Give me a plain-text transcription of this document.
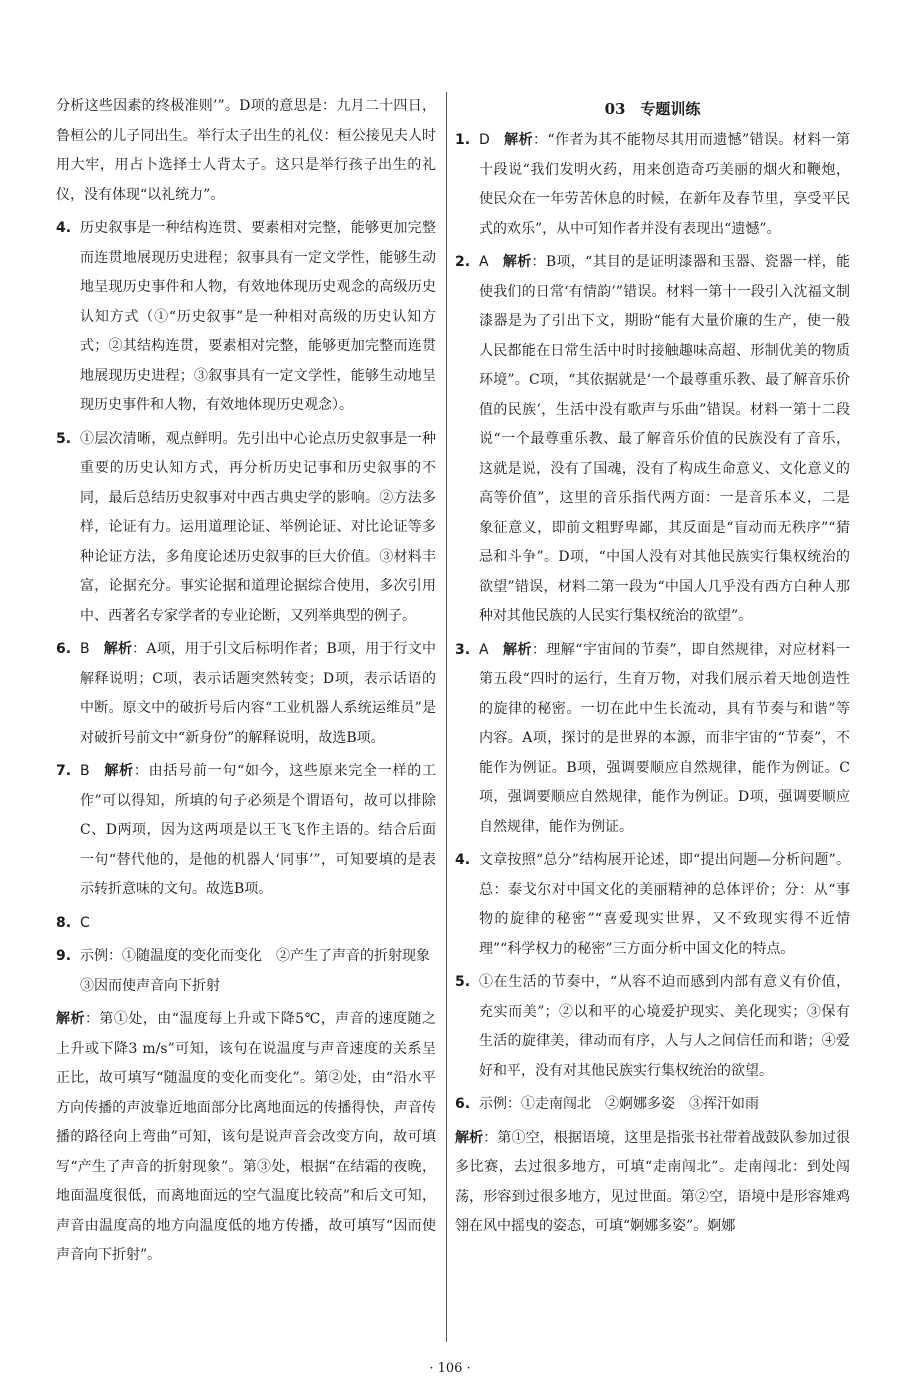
分析这些因素的终极准则’”。D项的意思是：九月二十四日，鲁桓公的儿子同出生。举行太子出生的礼仪：桓公接见夫人时用大牢，用占卜选择士人背太子。这只是举行孩子出生的礼仪，没有体现“以礼统力”。
4. 历史叙事是一种结构连贯、要素相对完整，能够更加完整而连贯地展现历史进程；叙事具有一定文学性，能够生动地呈现历史事件和人物，有效地体现历史观念的高级历史认知方式（①“历史叙事”是一种相对高级的历史认知方式；②其结构连贯，要素相对完整，能够更加完整而连贯地展现历史进程；③叙事具有一定文学性，能够生动地呈现历史事件和人物，有效地体现历史观念）。
5. ①层次清晰，观点鲜明。先引出中心论点历史叙事是一种重要的历史认知方式，再分析历史记事和历史叙事的不同，最后总结历史叙事对中西古典史学的影响。②方法多样，论证有力。运用道理论证、举例论证、对比论证等多种论证方法，多角度论述历史叙事的巨大价值。③材料丰富，论据充分。事实论据和道理论据综合使用，多次引用中、西著名专家学者的专业论断，又列举典型的例子。
6. B 解析：A项，用于引文后标明作者；B项，用于行文中解释说明；C项，表示话题突然转变；D项，表示话语的中断。原文中的破折号后内容“工业机器人系统运维员”是对破折号前文中“新身份”的解释说明，故选B项。
7. B 解析：由括号前一句“如今，这些原来完全一样的工作”可以得知，所填的句子必须是个谓语句，故可以排除C、D两项，因为这两项是以王飞飞作主语的。结合后面一句“替代他的，是他的机器人‘同事’”，可知要填的是表示转折意味的文句。故选B项。
8. C
9. 示例：①随温度的变化而变化　 ②产生了声音的折射现象
③因而使声音向下折射
解析：第①处，由“温度每上升或下降5℃，声音的速度随之上升或下降3 m/s”可知，该句在说温度与声音速度的关系呈正比，故可填写“随温度的变化而变化”。第②处，由“沿水平方向传播的声波靠近地面部分比离地面远的传播得快，声音传播的路径向上弯曲”可知，该句是说声音会改变方向，故可填写“产生了声音的折射现象”。第③处，根据“在结霜的夜晚，地面温度很低，而离地面远的空气温度比较高”和后文可知，声音由温度高的地方向温度低的地方传播，故可填写“因而使声音向下折射”。
03　专题训练
1. D 解析：“作者为其不能物尽其用而遗憾”错误。材料一第十段说“我们发明火药，用来创造奇巧美丽的烟火和鞭炮，使民众在一年劳苦休息的时候，在新年及春节里，享受平民式的欢乐”，从中可知作者并没有表现出“遗憾”。
2. A 解析：B项，“其目的是证明漆器和玉器、瓷器一样，能使我们的日常‘有情韵’”错误。材料一第十一段引入沈福文制漆器是为了引出下文，期盼“能有大量价廉的生产，使一般人民都能在日常生活中时时接触趣味高超、形制优美的物质环境”。C项，“其依据就是‘一个最尊重乐教、最了解音乐价值的民族’，生活中没有歌声与乐曲”错误。材料一第十二段说“一个最尊重乐教、最了解音乐价值的民族没有了音乐，这就是说，没有了国魂，没有了构成生命意义、文化意义的高等价值”，这里的音乐指代两方面：一是音乐本义，二是象征意义，即前文粗野卑鄙，其反面是“盲动而无秩序”“猜忌和斗争”。D项，“中国人没有对其他民族实行集权统治的欲望”错误，材料二第一段为“中国人几乎没有西方白种人那种对其他民族的人民实行集权统治的欲望”。
3. A 解析：理解“宇宙间的节奏”，即自然规律，对应材料一第五段“四时的运行，生育万物，对我们展示着天地创造性的旋律的秘密。一切在此中生长流动，具有节奏与和谐”等内容。A项，探讨的是世界的本源，而非宇宙的“节奏”，不能作为例证。B项，强调要顺应自然规律，能作为例证。C项，强调要顺应自然规律，能作为例证。D项，强调要顺应自然规律，能作为例证。
4. 文章按照“总分”结构展开论述，即“提出问题—分析问题”。总：泰戈尔对中国文化的美丽精神的总体评价；分：从“事物的旋律的秘密”“喜爱现实世界，又不致现实得不近情理”“科学权力的秘密”三方面分析中国文化的特点。
5. ①在生活的节奏中，“从容不迫而感到内部有意义有价值，充实而美”；②以和平的心境爱护现实、美化现实；③保有生活的旋律美，律动而有序，人与人之间信任而和谐；④爱好和平，没有对其他民族实行集权统治的欲望。
6. 示例：①走南闯北　 ②婀娜多姿　 ③挥汗如雨
解析：第①空，根据语境，这里是指张书社带着战鼓队参加过很多比赛，去过很多地方，可填“走南闯北”。走南闯北：到处闯荡，形容到过很多地方，见过世面。第②空，语境中是形容雉鸡翎在风中摇曳的姿态，可填“婀娜多姿”。婀娜
· 106 ·
